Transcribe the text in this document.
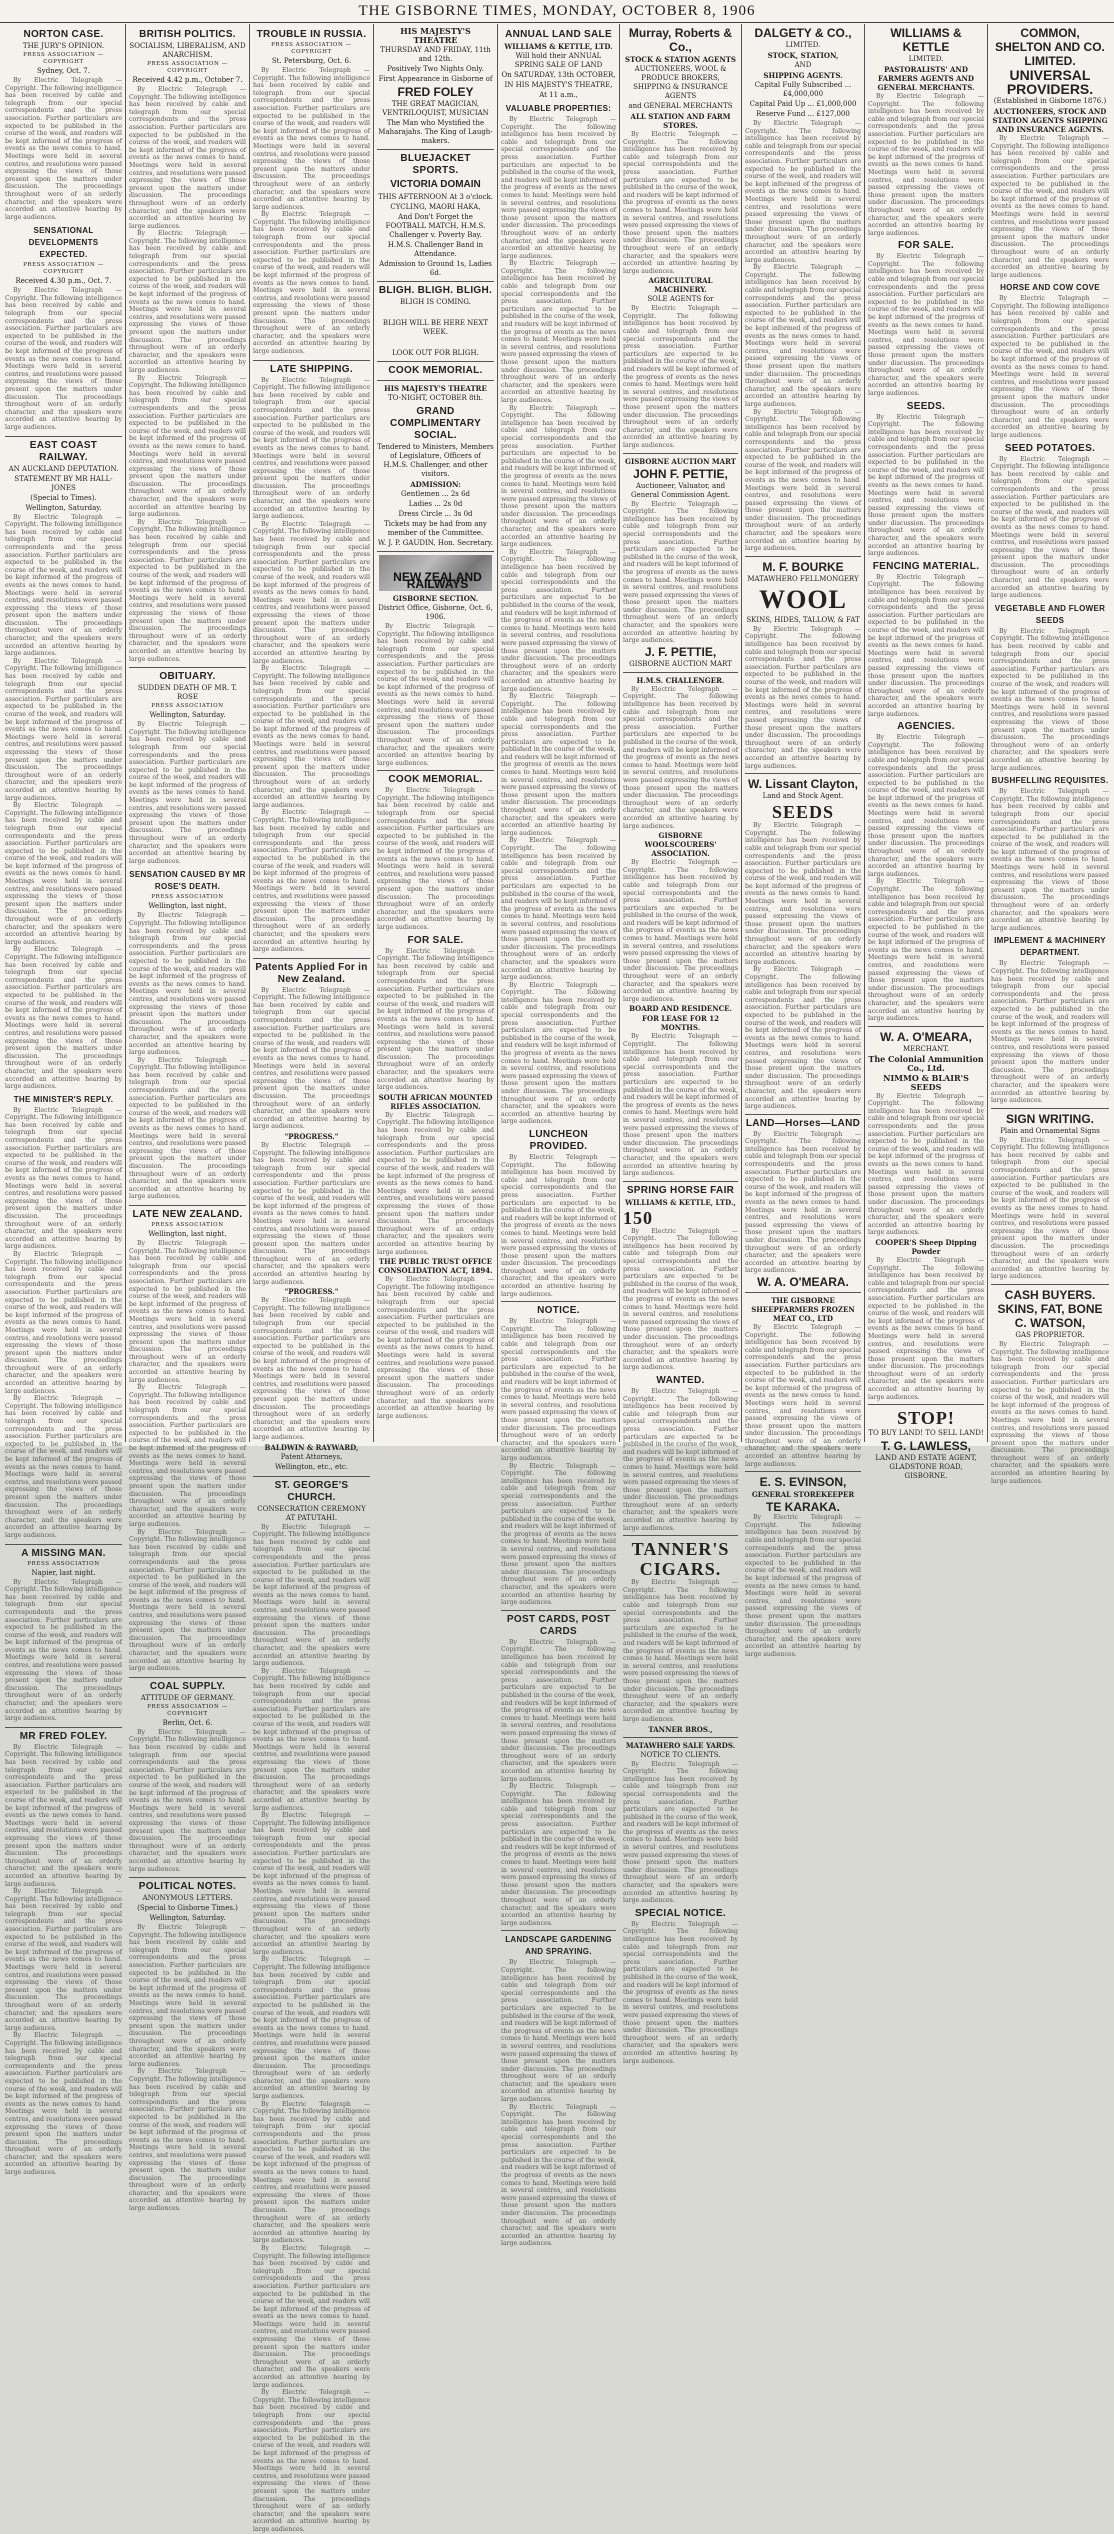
THE GISBORNE TIMES, MONDAY, OCTOBER 8, 1906
NORTON CASE.
THE JURY'S OPINION.
PRESS ASSOCIATION — COPYRIGHT
Sydney, Oct. 7.

By Electric Telegraph — Copyright. The following intelligence has been received by cable and telegraph from our special correspondents and the press association. Further particulars are expected to be published in the course of the week, and readers will be kept informed of the progress of events as the news comes to hand. Meetings were held in several centres, and resolutions were passed expressing the views of those present upon the matters under discussion. The proceedings throughout were of an orderly character, and the speakers were accorded an attentive hearing by large audiences.

SENSATIONAL DEVELOPMENTS EXPECTED.
PRESS ASSOCIATION — COPYRIGHT
Received 4.30 p.m., Oct. 7.

By Electric Telegraph — Copyright. The following intelligence has been received by cable and telegraph from our special correspondents and the press association. Further particulars are expected to be published in the course of the week, and readers will be kept informed of the progress of events as the news comes to hand. Meetings were held in several centres, and resolutions were passed expressing the views of those present upon the matters under discussion. The proceedings throughout were of an orderly character, and the speakers were accorded an attentive hearing by large audiences.

EAST COAST RAILWAY.
AN AUCKLAND DEPUTATION.
STATEMENT BY MR HALL-JONES
(Special to Times).
Wellington, Saturday.

By Electric Telegraph — Copyright. The following intelligence has been received by cable and telegraph from our special correspondents and the press association. Further particulars are expected to be published in the course of the week, and readers will be kept informed of the progress of events as the news comes to hand. Meetings were held in several centres, and resolutions were passed expressing the views of those present upon the matters under discussion. The proceedings throughout were of an orderly character, and the speakers were accorded an attentive hearing by large audiences.

By Electric Telegraph — Copyright. The following intelligence has been received by cable and telegraph from our special correspondents and the press association. Further particulars are expected to be published in the course of the week, and readers will be kept informed of the progress of events as the news comes to hand. Meetings were held in several centres, and resolutions were passed expressing the views of those present upon the matters under discussion. The proceedings throughout were of an orderly character, and the speakers were accorded an attentive hearing by large audiences.

By Electric Telegraph — Copyright. The following intelligence has been received by cable and telegraph from our special correspondents and the press association. Further particulars are expected to be published in the course of the week, and readers will be kept informed of the progress of events as the news comes to hand. Meetings were held in several centres, and resolutions were passed expressing the views of those present upon the matters under discussion. The proceedings throughout were of an orderly character, and the speakers were accorded an attentive hearing by large audiences.

By Electric Telegraph — Copyright. The following intelligence has been received by cable and telegraph from our special correspondents and the press association. Further particulars are expected to be published in the course of the week, and readers will be kept informed of the progress of events as the news comes to hand. Meetings were held in several centres, and resolutions were passed expressing the views of those present upon the matters under discussion. The proceedings throughout were of an orderly character, and the speakers were accorded an attentive hearing by large audiences.

THE MINISTER'S REPLY.

By Electric Telegraph — Copyright. The following intelligence has been received by cable and telegraph from our special correspondents and the press association. Further particulars are expected to be published in the course of the week, and readers will be kept informed of the progress of events as the news comes to hand. Meetings were held in several centres, and resolutions were passed expressing the views of those present upon the matters under discussion. The proceedings throughout were of an orderly character, and the speakers were accorded an attentive hearing by large audiences.

By Electric Telegraph — Copyright. The following intelligence has been received by cable and telegraph from our special correspondents and the press association. Further particulars are expected to be published in the course of the week, and readers will be kept informed of the progress of events as the news comes to hand. Meetings were held in several centres, and resolutions were passed expressing the views of those present upon the matters under discussion. The proceedings throughout were of an orderly character, and the speakers were accorded an attentive hearing by large audiences.

By Electric Telegraph — Copyright. The following intelligence has been received by cable and telegraph from our special correspondents and the press association. Further particulars are expected to be published in the course of the week, and readers will be kept informed of the progress of events as the news comes to hand. Meetings were held in several centres, and resolutions were passed expressing the views of those present upon the matters under discussion. The proceedings throughout were of an orderly character, and the speakers were accorded an attentive hearing by large audiences.

A MISSING MAN.
PRESS ASSOCIATION
Napier, last night.

By Electric Telegraph — Copyright. The following intelligence has been received by cable and telegraph from our special correspondents and the press association. Further particulars are expected to be published in the course of the week, and readers will be kept informed of the progress of events as the news comes to hand. Meetings were held in several centres, and resolutions were passed expressing the views of those present upon the matters under discussion. The proceedings throughout were of an orderly character, and the speakers were accorded an attentive hearing by large audiences.

MR FRED FOLEY.

By Electric Telegraph — Copyright. The following intelligence has been received by cable and telegraph from our special correspondents and the press association. Further particulars are expected to be published in the course of the week, and readers will be kept informed of the progress of events as the news comes to hand. Meetings were held in several centres, and resolutions were passed expressing the views of those present upon the matters under discussion. The proceedings throughout were of an orderly character, and the speakers were accorded an attentive hearing by large audiences.

By Electric Telegraph — Copyright. The following intelligence has been received by cable and telegraph from our special correspondents and the press association. Further particulars are expected to be published in the course of the week, and readers will be kept informed of the progress of events as the news comes to hand. Meetings were held in several centres, and resolutions were passed expressing the views of those present upon the matters under discussion. The proceedings throughout were of an orderly character, and the speakers were accorded an attentive hearing by large audiences.

By Electric Telegraph — Copyright. The following intelligence has been received by cable and telegraph from our special correspondents and the press association. Further particulars are expected to be published in the course of the week, and readers will be kept informed of the progress of events as the news comes to hand. Meetings were held in several centres, and resolutions were passed expressing the views of those present upon the matters under discussion. The proceedings throughout were of an orderly character, and the speakers were accorded an attentive hearing by large audiences.

BRITISH POLITICS.
SOCIALISM, LIBERALISM, AND ANARCHISM.
PRESS ASSOCIATION — COPYRIGHT
Received 4.42 p.m., October 7.

By Electric Telegraph — Copyright. The following intelligence has been received by cable and telegraph from our special correspondents and the press association. Further particulars are expected to be published in the course of the week, and readers will be kept informed of the progress of events as the news comes to hand. Meetings were held in several centres, and resolutions were passed expressing the views of those present upon the matters under discussion. The proceedings throughout were of an orderly character, and the speakers were accorded an attentive hearing by large audiences.

By Electric Telegraph — Copyright. The following intelligence has been received by cable and telegraph from our special correspondents and the press association. Further particulars are expected to be published in the course of the week, and readers will be kept informed of the progress of events as the news comes to hand. Meetings were held in several centres, and resolutions were passed expressing the views of those present upon the matters under discussion. The proceedings throughout were of an orderly character, and the speakers were accorded an attentive hearing by large audiences.

By Electric Telegraph — Copyright. The following intelligence has been received by cable and telegraph from our special correspondents and the press association. Further particulars are expected to be published in the course of the week, and readers will be kept informed of the progress of events as the news comes to hand. Meetings were held in several centres, and resolutions were passed expressing the views of those present upon the matters under discussion. The proceedings throughout were of an orderly character, and the speakers were accorded an attentive hearing by large audiences.

By Electric Telegraph — Copyright. The following intelligence has been received by cable and telegraph from our special correspondents and the press association. Further particulars are expected to be published in the course of the week, and readers will be kept informed of the progress of events as the news comes to hand. Meetings were held in several centres, and resolutions were passed expressing the views of those present upon the matters under discussion. The proceedings throughout were of an orderly character, and the speakers were accorded an attentive hearing by large audiences.

OBITUARY.
SUDDEN DEATH OF MR. T. ROSE
PRESS ASSOCIATION
Wellington, Saturday.

By Electric Telegraph — Copyright. The following intelligence has been received by cable and telegraph from our special correspondents and the press association. Further particulars are expected to be published in the course of the week, and readers will be kept informed of the progress of events as the news comes to hand. Meetings were held in several centres, and resolutions were passed expressing the views of those present upon the matters under discussion. The proceedings throughout were of an orderly character, and the speakers were accorded an attentive hearing by large audiences.

SENSATION CAUSED BY MR ROSE'S DEATH.
PRESS ASSOCIATION
Wellington, last night.

By Electric Telegraph — Copyright. The following intelligence has been received by cable and telegraph from our special correspondents and the press association. Further particulars are expected to be published in the course of the week, and readers will be kept informed of the progress of events as the news comes to hand. Meetings were held in several centres, and resolutions were passed expressing the views of those present upon the matters under discussion. The proceedings throughout were of an orderly character, and the speakers were accorded an attentive hearing by large audiences.

By Electric Telegraph — Copyright. The following intelligence has been received by cable and telegraph from our special correspondents and the press association. Further particulars are expected to be published in the course of the week, and readers will be kept informed of the progress of events as the news comes to hand. Meetings were held in several centres, and resolutions were passed expressing the views of those present upon the matters under discussion. The proceedings throughout were of an orderly character, and the speakers were accorded an attentive hearing by large audiences.

LATE NEW ZEALAND.
PRESS ASSOCIATION
Wellington, last night.

By Electric Telegraph — Copyright. The following intelligence has been received by cable and telegraph from our special correspondents and the press association. Further particulars are expected to be published in the course of the week, and readers will be kept informed of the progress of events as the news comes to hand. Meetings were held in several centres, and resolutions were passed expressing the views of those present upon the matters under discussion. The proceedings throughout were of an orderly character, and the speakers were accorded an attentive hearing by large audiences.

By Electric Telegraph — Copyright. The following intelligence has been received by cable and telegraph from our special correspondents and the press association. Further particulars are expected to be published in the course of the week, and readers will be kept informed of the progress of events as the news comes to hand. Meetings were held in several centres, and resolutions were passed expressing the views of those present upon the matters under discussion. The proceedings throughout were of an orderly character, and the speakers were accorded an attentive hearing by large audiences.

By Electric Telegraph — Copyright. The following intelligence has been received by cable and telegraph from our special correspondents and the press association. Further particulars are expected to be published in the course of the week, and readers will be kept informed of the progress of events as the news comes to hand. Meetings were held in several centres, and resolutions were passed expressing the views of those present upon the matters under discussion. The proceedings throughout were of an orderly character, and the speakers were accorded an attentive hearing by large audiences.

COAL SUPPLY.
ATTITUDE OF GERMANY.
PRESS ASSOCIATION — COPYRIGHT
Berlin, Oct. 6.

By Electric Telegraph — Copyright. The following intelligence has been received by cable and telegraph from our special correspondents and the press association. Further particulars are expected to be published in the course of the week, and readers will be kept informed of the progress of events as the news comes to hand. Meetings were held in several centres, and resolutions were passed expressing the views of those present upon the matters under discussion. The proceedings throughout were of an orderly character, and the speakers were accorded an attentive hearing by large audiences.

POLITICAL NOTES.
ANONYMOUS LETTERS.
(Special to Gisborne Times.)
Wellington, Saturday.

By Electric Telegraph — Copyright. The following intelligence has been received by cable and telegraph from our special correspondents and the press association. Further particulars are expected to be published in the course of the week, and readers will be kept informed of the progress of events as the news comes to hand. Meetings were held in several centres, and resolutions were passed expressing the views of those present upon the matters under discussion. The proceedings throughout were of an orderly character, and the speakers were accorded an attentive hearing by large audiences.

By Electric Telegraph — Copyright. The following intelligence has been received by cable and telegraph from our special correspondents and the press association. Further particulars are expected to be published in the course of the week, and readers will be kept informed of the progress of events as the news comes to hand. Meetings were held in several centres, and resolutions were passed expressing the views of those present upon the matters under discussion. The proceedings throughout were of an orderly character, and the speakers were accorded an attentive hearing by large audiences.

TROUBLE IN RUSSIA.
PRESS ASSOCIATION — COPYRIGHT
St. Petersburg, Oct. 6.

By Electric Telegraph — Copyright. The following intelligence has been received by cable and telegraph from our special correspondents and the press association. Further particulars are expected to be published in the course of the week, and readers will be kept informed of the progress of events as the news comes to hand. Meetings were held in several centres, and resolutions were passed expressing the views of those present upon the matters under discussion. The proceedings throughout were of an orderly character, and the speakers were accorded an attentive hearing by large audiences.

By Electric Telegraph — Copyright. The following intelligence has been received by cable and telegraph from our special correspondents and the press association. Further particulars are expected to be published in the course of the week, and readers will be kept informed of the progress of events as the news comes to hand. Meetings were held in several centres, and resolutions were passed expressing the views of those present upon the matters under discussion. The proceedings throughout were of an orderly character, and the speakers were accorded an attentive hearing by large audiences.

LATE SHIPPING.

By Electric Telegraph — Copyright. The following intelligence has been received by cable and telegraph from our special correspondents and the press association. Further particulars are expected to be published in the course of the week, and readers will be kept informed of the progress of events as the news comes to hand. Meetings were held in several centres, and resolutions were passed expressing the views of those present upon the matters under discussion. The proceedings throughout were of an orderly character, and the speakers were accorded an attentive hearing by large audiences.

By Electric Telegraph — Copyright. The following intelligence has been received by cable and telegraph from our special correspondents and the press association. Further particulars are expected to be published in the course of the week, and readers will be kept informed of the progress of events as the news comes to hand. Meetings were held in several centres, and resolutions were passed expressing the views of those present upon the matters under discussion. The proceedings throughout were of an orderly character, and the speakers were accorded an attentive hearing by large audiences.

By Electric Telegraph — Copyright. The following intelligence has been received by cable and telegraph from our special correspondents and the press association. Further particulars are expected to be published in the course of the week, and readers will be kept informed of the progress of events as the news comes to hand. Meetings were held in several centres, and resolutions were passed expressing the views of those present upon the matters under discussion. The proceedings throughout were of an orderly character, and the speakers were accorded an attentive hearing by large audiences.

By Electric Telegraph — Copyright. The following intelligence has been received by cable and telegraph from our special correspondents and the press association. Further particulars are expected to be published in the course of the week, and readers will be kept informed of the progress of events as the news comes to hand. Meetings were held in several centres, and resolutions were passed expressing the views of those present upon the matters under discussion. The proceedings throughout were of an orderly character, and the speakers were accorded an attentive hearing by large audiences.

Patents Applied For in New Zealand.

By Electric Telegraph — Copyright. The following intelligence has been received by cable and telegraph from our special correspondents and the press association. Further particulars are expected to be published in the course of the week, and readers will be kept informed of the progress of events as the news comes to hand. Meetings were held in several centres, and resolutions were passed expressing the views of those present upon the matters under discussion. The proceedings throughout were of an orderly character, and the speakers were accorded an attentive hearing by large audiences.

"PROGRESS."

By Electric Telegraph — Copyright. The following intelligence has been received by cable and telegraph from our special correspondents and the press association. Further particulars are expected to be published in the course of the week, and readers will be kept informed of the progress of events as the news comes to hand. Meetings were held in several centres, and resolutions were passed expressing the views of those present upon the matters under discussion. The proceedings throughout were of an orderly character, and the speakers were accorded an attentive hearing by large audiences.

"PROGRESS."

By Electric Telegraph — Copyright. The following intelligence has been received by cable and telegraph from our special correspondents and the press association. Further particulars are expected to be published in the course of the week, and readers will be kept informed of the progress of events as the news comes to hand. Meetings were held in several centres, and resolutions were passed expressing the views of those present upon the matters under discussion. The proceedings throughout were of an orderly character, and the speakers were accorded an attentive hearing by large audiences.

BALDWIN & RAYWARD,
Patent Attorneys,
Wellington, etc., etc.
ST. GEORGE'S CHURCH.
CONSECRATION CEREMONY AT PATUTAHI.

By Electric Telegraph — Copyright. The following intelligence has been received by cable and telegraph from our special correspondents and the press association. Further particulars are expected to be published in the course of the week, and readers will be kept informed of the progress of events as the news comes to hand. Meetings were held in several centres, and resolutions were passed expressing the views of those present upon the matters under discussion. The proceedings throughout were of an orderly character, and the speakers were accorded an attentive hearing by large audiences.

By Electric Telegraph — Copyright. The following intelligence has been received by cable and telegraph from our special correspondents and the press association. Further particulars are expected to be published in the course of the week, and readers will be kept informed of the progress of events as the news comes to hand. Meetings were held in several centres, and resolutions were passed expressing the views of those present upon the matters under discussion. The proceedings throughout were of an orderly character, and the speakers were accorded an attentive hearing by large audiences.

By Electric Telegraph — Copyright. The following intelligence has been received by cable and telegraph from our special correspondents and the press association. Further particulars are expected to be published in the course of the week, and readers will be kept informed of the progress of events as the news comes to hand. Meetings were held in several centres, and resolutions were passed expressing the views of those present upon the matters under discussion. The proceedings throughout were of an orderly character, and the speakers were accorded an attentive hearing by large audiences.

By Electric Telegraph — Copyright. The following intelligence has been received by cable and telegraph from our special correspondents and the press association. Further particulars are expected to be published in the course of the week, and readers will be kept informed of the progress of events as the news comes to hand. Meetings were held in several centres, and resolutions were passed expressing the views of those present upon the matters under discussion. The proceedings throughout were of an orderly character, and the speakers were accorded an attentive hearing by large audiences.

By Electric Telegraph — Copyright. The following intelligence has been received by cable and telegraph from our special correspondents and the press association. Further particulars are expected to be published in the course of the week, and readers will be kept informed of the progress of events as the news comes to hand. Meetings were held in several centres, and resolutions were passed expressing the views of those present upon the matters under discussion. The proceedings throughout were of an orderly character, and the speakers were accorded an attentive hearing by large audiences.

By Electric Telegraph — Copyright. The following intelligence has been received by cable and telegraph from our special correspondents and the press association. Further particulars are expected to be published in the course of the week, and readers will be kept informed of the progress of events as the news comes to hand. Meetings were held in several centres, and resolutions were passed expressing the views of those present upon the matters under discussion. The proceedings throughout were of an orderly character, and the speakers were accorded an attentive hearing by large audiences.

By Electric Telegraph — Copyright. The following intelligence has been received by cable and telegraph from our special correspondents and the press association. Further particulars are expected to be published in the course of the week, and readers will be kept informed of the progress of events as the news comes to hand. Meetings were held in several centres, and resolutions were passed expressing the views of those present upon the matters under discussion. The proceedings throughout were of an orderly character, and the speakers were accorded an attentive hearing by large audiences.

HIS MAJESTY'S THEATRE
THURSDAY AND FRIDAY, 11th and 12th.
Positively Two Nights Only.
First Appearance in Gisborne of
FRED FOLEY
THE GREAT MAGICIAN, VENTRILOQUIST, MUSICIAN
The Man who Mystified the Maharajahs. The King of Laugh-makers.
BLUEJACKET SPORTS.
VICTORIA DOMAIN
THIS AFTERNOON At 3 o'clock.
CYCLING, MAORI HAKA,
And Don't Forget the FOOTBALL MATCH, H.M.S. Challenger v. Poverty Bay.
H.M.S. Challenger Band in Attendance.
Admission to Ground 1s, Ladies 6d.
BLIGH. BLIGH. BLIGH.
BLIGH IS COMING.
BLIGH WILL BE HERE NEXT WEEK.
LOOK OUT FOR BLIGH.
COOK MEMORIAL.
HIS MAJESTY'S THEATRE
TO-NIGHT, OCTOBER 8th.
GRAND COMPLIMENTARY SOCIAL.
Tendered to Ministers, Members of Legislature, Officers of H.M.S. Challenger, and other visitors.
ADMISSION:
Gentlemen ... 2s 6d
Ladies ... 2s 0d
Dress Circle ... 3s 0d
Tickets may be had from any member of the Committee.
W. J. P. GAUDIN, Hon. Secretary.
NEW ZEALAND RAILWAYS
GISBORNE SECTION.
District Office, Gisborne, Oct. 6, 1906.

By Electric Telegraph — Copyright. The following intelligence has been received by cable and telegraph from our special correspondents and the press association. Further particulars are expected to be published in the course of the week, and readers will be kept informed of the progress of events as the news comes to hand. Meetings were held in several centres, and resolutions were passed expressing the views of those present upon the matters under discussion. The proceedings throughout were of an orderly character, and the speakers were accorded an attentive hearing by large audiences.

COOK MEMORIAL.

By Electric Telegraph — Copyright. The following intelligence has been received by cable and telegraph from our special correspondents and the press association. Further particulars are expected to be published in the course of the week, and readers will be kept informed of the progress of events as the news comes to hand. Meetings were held in several centres, and resolutions were passed expressing the views of those present upon the matters under discussion. The proceedings throughout were of an orderly character, and the speakers were accorded an attentive hearing by large audiences.

FOR SALE.

By Electric Telegraph — Copyright. The following intelligence has been received by cable and telegraph from our special correspondents and the press association. Further particulars are expected to be published in the course of the week, and readers will be kept informed of the progress of events as the news comes to hand. Meetings were held in several centres, and resolutions were passed expressing the views of those present upon the matters under discussion. The proceedings throughout were of an orderly character, and the speakers were accorded an attentive hearing by large audiences.

SOUTH AFRICAN MOUNTED RIFLES ASSOCIATION.

By Electric Telegraph — Copyright. The following intelligence has been received by cable and telegraph from our special correspondents and the press association. Further particulars are expected to be published in the course of the week, and readers will be kept informed of the progress of events as the news comes to hand. Meetings were held in several centres, and resolutions were passed expressing the views of those present upon the matters under discussion. The proceedings throughout were of an orderly character, and the speakers were accorded an attentive hearing by large audiences.

THE PUBLIC TRUST OFFICE CONSOLIDATION ACT, 1894.

By Electric Telegraph — Copyright. The following intelligence has been received by cable and telegraph from our special correspondents and the press association. Further particulars are expected to be published in the course of the week, and readers will be kept informed of the progress of events as the news comes to hand. Meetings were held in several centres, and resolutions were passed expressing the views of those present upon the matters under discussion. The proceedings throughout were of an orderly character, and the speakers were accorded an attentive hearing by large audiences.

ANNUAL LAND SALE
WILLIAMS & KETTLE, LTD.
Will hold their ANNUAL SPRING SALE OF LAND
On SATURDAY, 13th OCTOBER,
IN HIS MAJESTY'S THEATRE,
At 11 a.m.,
VALUABLE PROPERTIES:

By Electric Telegraph — Copyright. The following intelligence has been received by cable and telegraph from our special correspondents and the press association. Further particulars are expected to be published in the course of the week, and readers will be kept informed of the progress of events as the news comes to hand. Meetings were held in several centres, and resolutions were passed expressing the views of those present upon the matters under discussion. The proceedings throughout were of an orderly character, and the speakers were accorded an attentive hearing by large audiences.

By Electric Telegraph — Copyright. The following intelligence has been received by cable and telegraph from our special correspondents and the press association. Further particulars are expected to be published in the course of the week, and readers will be kept informed of the progress of events as the news comes to hand. Meetings were held in several centres, and resolutions were passed expressing the views of those present upon the matters under discussion. The proceedings throughout were of an orderly character, and the speakers were accorded an attentive hearing by large audiences.

By Electric Telegraph — Copyright. The following intelligence has been received by cable and telegraph from our special correspondents and the press association. Further particulars are expected to be published in the course of the week, and readers will be kept informed of the progress of events as the news comes to hand. Meetings were held in several centres, and resolutions were passed expressing the views of those present upon the matters under discussion. The proceedings throughout were of an orderly character, and the speakers were accorded an attentive hearing by large audiences.

By Electric Telegraph — Copyright. The following intelligence has been received by cable and telegraph from our special correspondents and the press association. Further particulars are expected to be published in the course of the week, and readers will be kept informed of the progress of events as the news comes to hand. Meetings were held in several centres, and resolutions were passed expressing the views of those present upon the matters under discussion. The proceedings throughout were of an orderly character, and the speakers were accorded an attentive hearing by large audiences.

By Electric Telegraph — Copyright. The following intelligence has been received by cable and telegraph from our special correspondents and the press association. Further particulars are expected to be published in the course of the week, and readers will be kept informed of the progress of events as the news comes to hand. Meetings were held in several centres, and resolutions were passed expressing the views of those present upon the matters under discussion. The proceedings throughout were of an orderly character, and the speakers were accorded an attentive hearing by large audiences.

By Electric Telegraph — Copyright. The following intelligence has been received by cable and telegraph from our special correspondents and the press association. Further particulars are expected to be published in the course of the week, and readers will be kept informed of the progress of events as the news comes to hand. Meetings were held in several centres, and resolutions were passed expressing the views of those present upon the matters under discussion. The proceedings throughout were of an orderly character, and the speakers were accorded an attentive hearing by large audiences.

By Electric Telegraph — Copyright. The following intelligence has been received by cable and telegraph from our special correspondents and the press association. Further particulars are expected to be published in the course of the week, and readers will be kept informed of the progress of events as the news comes to hand. Meetings were held in several centres, and resolutions were passed expressing the views of those present upon the matters under discussion. The proceedings throughout were of an orderly character, and the speakers were accorded an attentive hearing by large audiences.

LUNCHEON PROVIDED.

By Electric Telegraph — Copyright. The following intelligence has been received by cable and telegraph from our special correspondents and the press association. Further particulars are expected to be published in the course of the week, and readers will be kept informed of the progress of events as the news comes to hand. Meetings were held in several centres, and resolutions were passed expressing the views of those present upon the matters under discussion. The proceedings throughout were of an orderly character, and the speakers were accorded an attentive hearing by large audiences.

NOTICE.

By Electric Telegraph — Copyright. The following intelligence has been received by cable and telegraph from our special correspondents and the press association. Further particulars are expected to be published in the course of the week, and readers will be kept informed of the progress of events as the news comes to hand. Meetings were held in several centres, and resolutions were passed expressing the views of those present upon the matters under discussion. The proceedings throughout were of an orderly character, and the speakers were accorded an attentive hearing by large audiences.

By Electric Telegraph — Copyright. The following intelligence has been received by cable and telegraph from our special correspondents and the press association. Further particulars are expected to be published in the course of the week, and readers will be kept informed of the progress of events as the news comes to hand. Meetings were held in several centres, and resolutions were passed expressing the views of those present upon the matters under discussion. The proceedings throughout were of an orderly character, and the speakers were accorded an attentive hearing by large audiences.

POST CARDS, POST CARDS

By Electric Telegraph — Copyright. The following intelligence has been received by cable and telegraph from our special correspondents and the press association. Further particulars are expected to be published in the course of the week, and readers will be kept informed of the progress of events as the news comes to hand. Meetings were held in several centres, and resolutions were passed expressing the views of those present upon the matters under discussion. The proceedings throughout were of an orderly character, and the speakers were accorded an attentive hearing by large audiences.

By Electric Telegraph — Copyright. The following intelligence has been received by cable and telegraph from our special correspondents and the press association. Further particulars are expected to be published in the course of the week, and readers will be kept informed of the progress of events as the news comes to hand. Meetings were held in several centres, and resolutions were passed expressing the views of those present upon the matters under discussion. The proceedings throughout were of an orderly character, and the speakers were accorded an attentive hearing by large audiences.

LANDSCAPE GARDENING AND SPRAYING.

By Electric Telegraph — Copyright. The following intelligence has been received by cable and telegraph from our special correspondents and the press association. Further particulars are expected to be published in the course of the week, and readers will be kept informed of the progress of events as the news comes to hand. Meetings were held in several centres, and resolutions were passed expressing the views of those present upon the matters under discussion. The proceedings throughout were of an orderly character, and the speakers were accorded an attentive hearing by large audiences.

By Electric Telegraph — Copyright. The following intelligence has been received by cable and telegraph from our special correspondents and the press association. Further particulars are expected to be published in the course of the week, and readers will be kept informed of the progress of events as the news comes to hand. Meetings were held in several centres, and resolutions were passed expressing the views of those present upon the matters under discussion. The proceedings throughout were of an orderly character, and the speakers were accorded an attentive hearing by large audiences.

Murray, Roberts & Co.,
STOCK & STATION AGENTS
AUCTIONEERS, WOOL & PRODUCE BROKERS, SHIPPING & INSURANCE AGENTS
and GENERAL MERCHANTS
ALL STATION AND FARM STORES.

By Electric Telegraph — Copyright. The following intelligence has been received by cable and telegraph from our special correspondents and the press association. Further particulars are expected to be published in the course of the week, and readers will be kept informed of the progress of events as the news comes to hand. Meetings were held in several centres, and resolutions were passed expressing the views of those present upon the matters under discussion. The proceedings throughout were of an orderly character, and the speakers were accorded an attentive hearing by large audiences.

AGRICULTURAL MACHINERY.
SOLE AGENTS for

By Electric Telegraph — Copyright. The following intelligence has been received by cable and telegraph from our special correspondents and the press association. Further particulars are expected to be published in the course of the week, and readers will be kept informed of the progress of events as the news comes to hand. Meetings were held in several centres, and resolutions were passed expressing the views of those present upon the matters under discussion. The proceedings throughout were of an orderly character, and the speakers were accorded an attentive hearing by large audiences.

GISBORNE AUCTION MART
JOHN F. PETTIE,
Auctioneer, Valuator, and General Commission Agent.

By Electric Telegraph — Copyright. The following intelligence has been received by cable and telegraph from our special correspondents and the press association. Further particulars are expected to be published in the course of the week, and readers will be kept informed of the progress of events as the news comes to hand. Meetings were held in several centres, and resolutions were passed expressing the views of those present upon the matters under discussion. The proceedings throughout were of an orderly character, and the speakers were accorded an attentive hearing by large audiences.

J. F. PETTIE,
GISBORNE AUCTION MART
H.M.S. CHALLENGER.

By Electric Telegraph — Copyright. The following intelligence has been received by cable and telegraph from our special correspondents and the press association. Further particulars are expected to be published in the course of the week, and readers will be kept informed of the progress of events as the news comes to hand. Meetings were held in several centres, and resolutions were passed expressing the views of those present upon the matters under discussion. The proceedings throughout were of an orderly character, and the speakers were accorded an attentive hearing by large audiences.

GISBORNE WOOLSCOURERS' ASSOCIATION.

By Electric Telegraph — Copyright. The following intelligence has been received by cable and telegraph from our special correspondents and the press association. Further particulars are expected to be published in the course of the week, and readers will be kept informed of the progress of events as the news comes to hand. Meetings were held in several centres, and resolutions were passed expressing the views of those present upon the matters under discussion. The proceedings throughout were of an orderly character, and the speakers were accorded an attentive hearing by large audiences.

BOARD AND RESIDENCE.
FOR LEASE FOR 12 MONTHS.

By Electric Telegraph — Copyright. The following intelligence has been received by cable and telegraph from our special correspondents and the press association. Further particulars are expected to be published in the course of the week, and readers will be kept informed of the progress of events as the news comes to hand. Meetings were held in several centres, and resolutions were passed expressing the views of those present upon the matters under discussion. The proceedings throughout were of an orderly character, and the speakers were accorded an attentive hearing by large audiences.

SPRING HORSE FAIR
WILLIAMS & KETTLE, LTD.,
150

By Electric Telegraph — Copyright. The following intelligence has been received by cable and telegraph from our special correspondents and the press association. Further particulars are expected to be published in the course of the week, and readers will be kept informed of the progress of events as the news comes to hand. Meetings were held in several centres, and resolutions were passed expressing the views of those present upon the matters under discussion. The proceedings throughout were of an orderly character, and the speakers were accorded an attentive hearing by large audiences.

WANTED.

By Electric Telegraph — Copyright. The following intelligence has been received by cable and telegraph from our special correspondents and the press association. Further particulars are expected to be published in the course of the week, and readers will be kept informed of the progress of events as the news comes to hand. Meetings were held in several centres, and resolutions were passed expressing the views of those present upon the matters under discussion. The proceedings throughout were of an orderly character, and the speakers were accorded an attentive hearing by large audiences.

TANNER'S
CIGARS.

By Electric Telegraph — Copyright. The following intelligence has been received by cable and telegraph from our special correspondents and the press association. Further particulars are expected to be published in the course of the week, and readers will be kept informed of the progress of events as the news comes to hand. Meetings were held in several centres, and resolutions were passed expressing the views of those present upon the matters under discussion. The proceedings throughout were of an orderly character, and the speakers were accorded an attentive hearing by large audiences.

TANNER BROS.,
MATAWHERO SALE YARDS.
NOTICE TO CLIENTS.

By Electric Telegraph — Copyright. The following intelligence has been received by cable and telegraph from our special correspondents and the press association. Further particulars are expected to be published in the course of the week, and readers will be kept informed of the progress of events as the news comes to hand. Meetings were held in several centres, and resolutions were passed expressing the views of those present upon the matters under discussion. The proceedings throughout were of an orderly character, and the speakers were accorded an attentive hearing by large audiences.

SPECIAL NOTICE.

By Electric Telegraph — Copyright. The following intelligence has been received by cable and telegraph from our special correspondents and the press association. Further particulars are expected to be published in the course of the week, and readers will be kept informed of the progress of events as the news comes to hand. Meetings were held in several centres, and resolutions were passed expressing the views of those present upon the matters under discussion. The proceedings throughout were of an orderly character, and the speakers were accorded an attentive hearing by large audiences.

DALGETY & CO.,
LIMITED.
STOCK, STATION,
AND
SHIPPING AGENTS.
Capital Fully Subscribed ... £4,000,000
Capital Paid Up ... £1,000,000
Reserve Fund ... £127,000

By Electric Telegraph — Copyright. The following intelligence has been received by cable and telegraph from our special correspondents and the press association. Further particulars are expected to be published in the course of the week, and readers will be kept informed of the progress of events as the news comes to hand. Meetings were held in several centres, and resolutions were passed expressing the views of those present upon the matters under discussion. The proceedings throughout were of an orderly character, and the speakers were accorded an attentive hearing by large audiences.

By Electric Telegraph — Copyright. The following intelligence has been received by cable and telegraph from our special correspondents and the press association. Further particulars are expected to be published in the course of the week, and readers will be kept informed of the progress of events as the news comes to hand. Meetings were held in several centres, and resolutions were passed expressing the views of those present upon the matters under discussion. The proceedings throughout were of an orderly character, and the speakers were accorded an attentive hearing by large audiences.

By Electric Telegraph — Copyright. The following intelligence has been received by cable and telegraph from our special correspondents and the press association. Further particulars are expected to be published in the course of the week, and readers will be kept informed of the progress of events as the news comes to hand. Meetings were held in several centres, and resolutions were passed expressing the views of those present upon the matters under discussion. The proceedings throughout were of an orderly character, and the speakers were accorded an attentive hearing by large audiences.

M. F. BOURKE
MATAWHERO FELLMONGERY
WOOL
SKINS, HIDES, TALLOW, & FAT

By Electric Telegraph — Copyright. The following intelligence has been received by cable and telegraph from our special correspondents and the press association. Further particulars are expected to be published in the course of the week, and readers will be kept informed of the progress of events as the news comes to hand. Meetings were held in several centres, and resolutions were passed expressing the views of those present upon the matters under discussion. The proceedings throughout were of an orderly character, and the speakers were accorded an attentive hearing by large audiences.

W. Lissant Clayton,
Land and Stock Agent.
SEEDS

By Electric Telegraph — Copyright. The following intelligence has been received by cable and telegraph from our special correspondents and the press association. Further particulars are expected to be published in the course of the week, and readers will be kept informed of the progress of events as the news comes to hand. Meetings were held in several centres, and resolutions were passed expressing the views of those present upon the matters under discussion. The proceedings throughout were of an orderly character, and the speakers were accorded an attentive hearing by large audiences.

By Electric Telegraph — Copyright. The following intelligence has been received by cable and telegraph from our special correspondents and the press association. Further particulars are expected to be published in the course of the week, and readers will be kept informed of the progress of events as the news comes to hand. Meetings were held in several centres, and resolutions were passed expressing the views of those present upon the matters under discussion. The proceedings throughout were of an orderly character, and the speakers were accorded an attentive hearing by large audiences.

LAND—Horses—LAND

By Electric Telegraph — Copyright. The following intelligence has been received by cable and telegraph from our special correspondents and the press association. Further particulars are expected to be published in the course of the week, and readers will be kept informed of the progress of events as the news comes to hand. Meetings were held in several centres, and resolutions were passed expressing the views of those present upon the matters under discussion. The proceedings throughout were of an orderly character, and the speakers were accorded an attentive hearing by large audiences.

W. A. O'MEARA.
THE GISBORNE SHEEPFARMERS FROZEN MEAT CO., LTD

By Electric Telegraph — Copyright. The following intelligence has been received by cable and telegraph from our special correspondents and the press association. Further particulars are expected to be published in the course of the week, and readers will be kept informed of the progress of events as the news comes to hand. Meetings were held in several centres, and resolutions were passed expressing the views of those present upon the matters under discussion. The proceedings throughout were of an orderly character, and the speakers were accorded an attentive hearing by large audiences.

E. S. EVINSON,
GENERAL STOREKEEPER
TE KARAKA.

By Electric Telegraph — Copyright. The following intelligence has been received by cable and telegraph from our special correspondents and the press association. Further particulars are expected to be published in the course of the week, and readers will be kept informed of the progress of events as the news comes to hand. Meetings were held in several centres, and resolutions were passed expressing the views of those present upon the matters under discussion. The proceedings throughout were of an orderly character, and the speakers were accorded an attentive hearing by large audiences.

WILLIAMS & KETTLE
LIMITED.
PASTORALISTS' AND FARMERS AGENTS AND GENERAL MERCHANTS.

By Electric Telegraph — Copyright. The following intelligence has been received by cable and telegraph from our special correspondents and the press association. Further particulars are expected to be published in the course of the week, and readers will be kept informed of the progress of events as the news comes to hand. Meetings were held in several centres, and resolutions were passed expressing the views of those present upon the matters under discussion. The proceedings throughout were of an orderly character, and the speakers were accorded an attentive hearing by large audiences.

FOR SALE.

By Electric Telegraph — Copyright. The following intelligence has been received by cable and telegraph from our special correspondents and the press association. Further particulars are expected to be published in the course of the week, and readers will be kept informed of the progress of events as the news comes to hand. Meetings were held in several centres, and resolutions were passed expressing the views of those present upon the matters under discussion. The proceedings throughout were of an orderly character, and the speakers were accorded an attentive hearing by large audiences.

SEEDS.

By Electric Telegraph — Copyright. The following intelligence has been received by cable and telegraph from our special correspondents and the press association. Further particulars are expected to be published in the course of the week, and readers will be kept informed of the progress of events as the news comes to hand. Meetings were held in several centres, and resolutions were passed expressing the views of those present upon the matters under discussion. The proceedings throughout were of an orderly character, and the speakers were accorded an attentive hearing by large audiences.

FENCING MATERIAL.

By Electric Telegraph — Copyright. The following intelligence has been received by cable and telegraph from our special correspondents and the press association. Further particulars are expected to be published in the course of the week, and readers will be kept informed of the progress of events as the news comes to hand. Meetings were held in several centres, and resolutions were passed expressing the views of those present upon the matters under discussion. The proceedings throughout were of an orderly character, and the speakers were accorded an attentive hearing by large audiences.

AGENCIES.

By Electric Telegraph — Copyright. The following intelligence has been received by cable and telegraph from our special correspondents and the press association. Further particulars are expected to be published in the course of the week, and readers will be kept informed of the progress of events as the news comes to hand. Meetings were held in several centres, and resolutions were passed expressing the views of those present upon the matters under discussion. The proceedings throughout were of an orderly character, and the speakers were accorded an attentive hearing by large audiences.

By Electric Telegraph — Copyright. The following intelligence has been received by cable and telegraph from our special correspondents and the press association. Further particulars are expected to be published in the course of the week, and readers will be kept informed of the progress of events as the news comes to hand. Meetings were held in several centres, and resolutions were passed expressing the views of those present upon the matters under discussion. The proceedings throughout were of an orderly character, and the speakers were accorded an attentive hearing by large audiences.

W. A. O'MEARA,
MERCHANT.
The Colonial Ammunition Co., Ltd.
NIMMO & BLAIR'S SEEDS

By Electric Telegraph — Copyright. The following intelligence has been received by cable and telegraph from our special correspondents and the press association. Further particulars are expected to be published in the course of the week, and readers will be kept informed of the progress of events as the news comes to hand. Meetings were held in several centres, and resolutions were passed expressing the views of those present upon the matters under discussion. The proceedings throughout were of an orderly character, and the speakers were accorded an attentive hearing by large audiences.

COOPER'S Sheep Dipping Powder

By Electric Telegraph — Copyright. The following intelligence has been received by cable and telegraph from our special correspondents and the press association. Further particulars are expected to be published in the course of the week, and readers will be kept informed of the progress of events as the news comes to hand. Meetings were held in several centres, and resolutions were passed expressing the views of those present upon the matters under discussion. The proceedings throughout were of an orderly character, and the speakers were accorded an attentive hearing by large audiences.

STOP!
TO BUY LAND! TO SELL LAND!
T. G. LAWLESS,
LAND AND ESTATE AGENT, GLADSTONE ROAD, GISBORNE.
COMMON, SHELTON AND CO. LIMITED.
UNIVERSAL PROVIDERS.
(Established in Gisborne 1876.)
AUCTIONEERS, STOCK AND STATION AGENTS SHIPPING AND INSURANCE AGENTS.

By Electric Telegraph — Copyright. The following intelligence has been received by cable and telegraph from our special correspondents and the press association. Further particulars are expected to be published in the course of the week, and readers will be kept informed of the progress of events as the news comes to hand. Meetings were held in several centres, and resolutions were passed expressing the views of those present upon the matters under discussion. The proceedings throughout were of an orderly character, and the speakers were accorded an attentive hearing by large audiences.

HORSE AND COW COVE

By Electric Telegraph — Copyright. The following intelligence has been received by cable and telegraph from our special correspondents and the press association. Further particulars are expected to be published in the course of the week, and readers will be kept informed of the progress of events as the news comes to hand. Meetings were held in several centres, and resolutions were passed expressing the views of those present upon the matters under discussion. The proceedings throughout were of an orderly character, and the speakers were accorded an attentive hearing by large audiences.

SEED POTATOES.

By Electric Telegraph — Copyright. The following intelligence has been received by cable and telegraph from our special correspondents and the press association. Further particulars are expected to be published in the course of the week, and readers will be kept informed of the progress of events as the news comes to hand. Meetings were held in several centres, and resolutions were passed expressing the views of those present upon the matters under discussion. The proceedings throughout were of an orderly character, and the speakers were accorded an attentive hearing by large audiences.

VEGETABLE AND FLOWER SEEDS

By Electric Telegraph — Copyright. The following intelligence has been received by cable and telegraph from our special correspondents and the press association. Further particulars are expected to be published in the course of the week, and readers will be kept informed of the progress of events as the news comes to hand. Meetings were held in several centres, and resolutions were passed expressing the views of those present upon the matters under discussion. The proceedings throughout were of an orderly character, and the speakers were accorded an attentive hearing by large audiences.

BUSHFELLING REQUISITES.

By Electric Telegraph — Copyright. The following intelligence has been received by cable and telegraph from our special correspondents and the press association. Further particulars are expected to be published in the course of the week, and readers will be kept informed of the progress of events as the news comes to hand. Meetings were held in several centres, and resolutions were passed expressing the views of those present upon the matters under discussion. The proceedings throughout were of an orderly character, and the speakers were accorded an attentive hearing by large audiences.

IMPLEMENT & MACHINERY DEPARTMENT.

By Electric Telegraph — Copyright. The following intelligence has been received by cable and telegraph from our special correspondents and the press association. Further particulars are expected to be published in the course of the week, and readers will be kept informed of the progress of events as the news comes to hand. Meetings were held in several centres, and resolutions were passed expressing the views of those present upon the matters under discussion. The proceedings throughout were of an orderly character, and the speakers were accorded an attentive hearing by large audiences.

SIGN WRITING.
Plain and Ornamental Signs

By Electric Telegraph — Copyright. The following intelligence has been received by cable and telegraph from our special correspondents and the press association. Further particulars are expected to be published in the course of the week, and readers will be kept informed of the progress of events as the news comes to hand. Meetings were held in several centres, and resolutions were passed expressing the views of those present upon the matters under discussion. The proceedings throughout were of an orderly character, and the speakers were accorded an attentive hearing by large audiences.

CASH BUYERS.
SKINS, FAT, BONE
C. WATSON,
GAS PROPRIETOR.

By Electric Telegraph — Copyright. The following intelligence has been received by cable and telegraph from our special correspondents and the press association. Further particulars are expected to be published in the course of the week, and readers will be kept informed of the progress of events as the news comes to hand. Meetings were held in several centres, and resolutions were passed expressing the views of those present upon the matters under discussion. The proceedings throughout were of an orderly character, and the speakers were accorded an attentive hearing by large audiences.
